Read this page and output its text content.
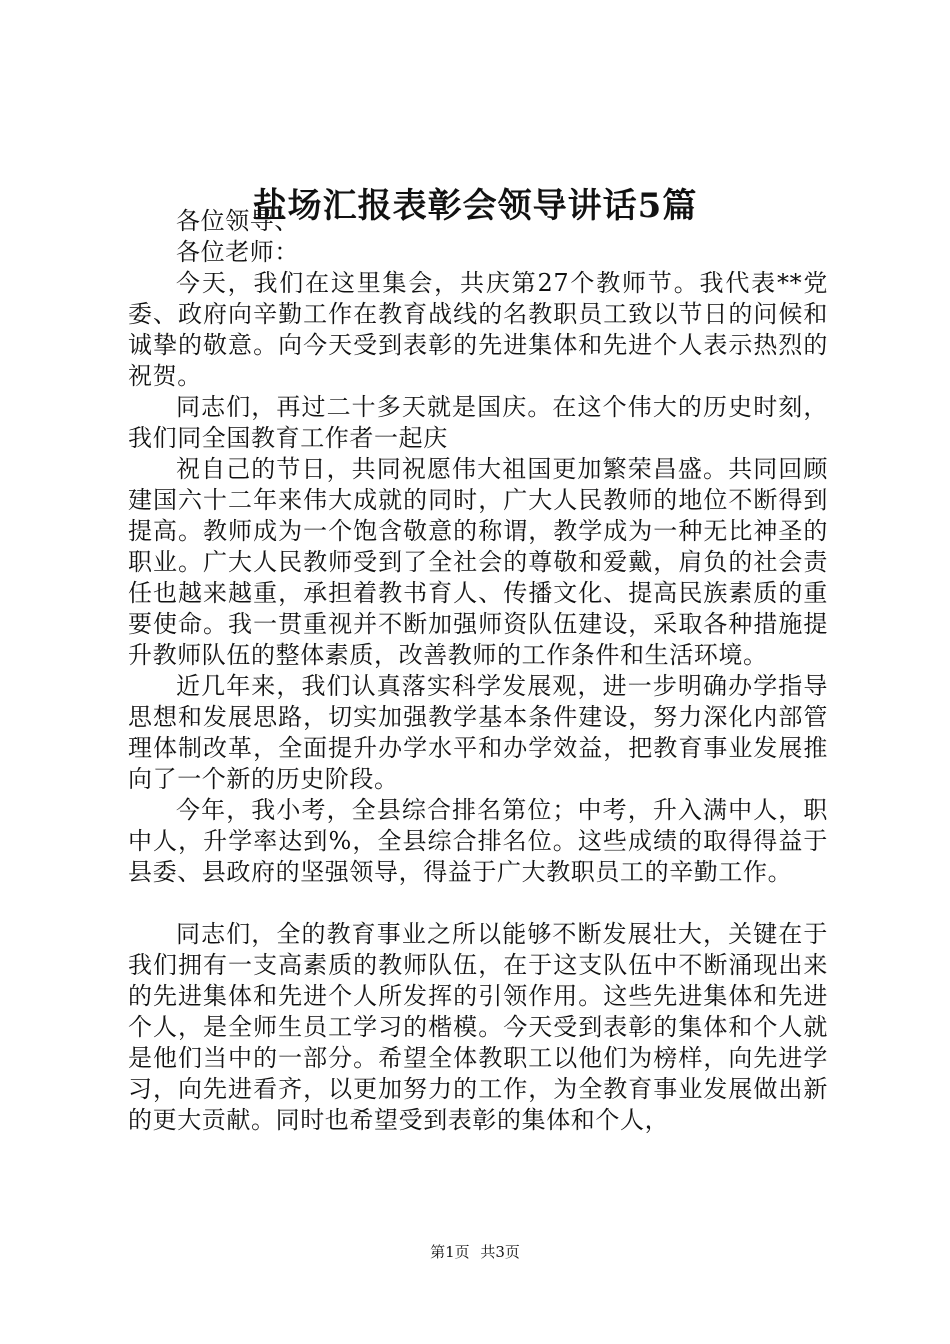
盐场汇报表彰会领导讲话5篇

各位领导、

各位老师：

今天，我们在这里集会，共庆第27个教师节。我代表**党委、政府向辛勤工作在教育战线的名教职员工致以节日的问候和诚挚的敬意。向今天受到表彰的先进集体和先进个人表示热烈的祝贺。

同志们，再过二十多天就是国庆。在这个伟大的历史时刻，我们同全国教育工作者一起庆

祝自己的节日，共同祝愿伟大祖国更加繁荣昌盛。共同回顾建国六十二年来伟大成就的同时，广大人民教师的地位不断得到提高。教师成为一个饱含敬意的称谓，教学成为一种无比神圣的职业。广大人民教师受到了全社会的尊敬和爱戴，肩负的社会责任也越来越重，承担着教书育人、传播文化、提高民族素质的重要使命。我一贯重视并不断加强师资队伍建设，采取各种措施提升教师队伍的整体素质，改善教师的工作条件和生活环境。

近几年来，我们认真落实科学发展观，进一步明确办学指导思想和发展思路，切实加强教学基本条件建设，努力深化内部管理体制改革，全面提升办学水平和办学效益，把教育事业发展推向了一个新的历史阶段。

今年，我小考，全县综合排名第位；中考，升入满中人，职中人，升学率达到%，全县综合排名位。这些成绩的取得得益于县委、县政府的坚强领导，得益于广大教职员工的辛勤工作。

同志们，全的教育事业之所以能够不断发展壮大，关键在于我们拥有一支高素质的教师队伍，在于这支队伍中不断涌现出来的先进集体和先进个人所发挥的引领作用。这些先进集体和先进个人，是全师生员工学习的楷模。今天受到表彰的集体和个人就是他们当中的一部分。希望全体教职工以他们为榜样，向先进学习，向先进看齐，以更加努力的工作，为全教育事业发展做出新的更大贡献。同时也希望受到表彰的集体和个人，

第1页 共3页
